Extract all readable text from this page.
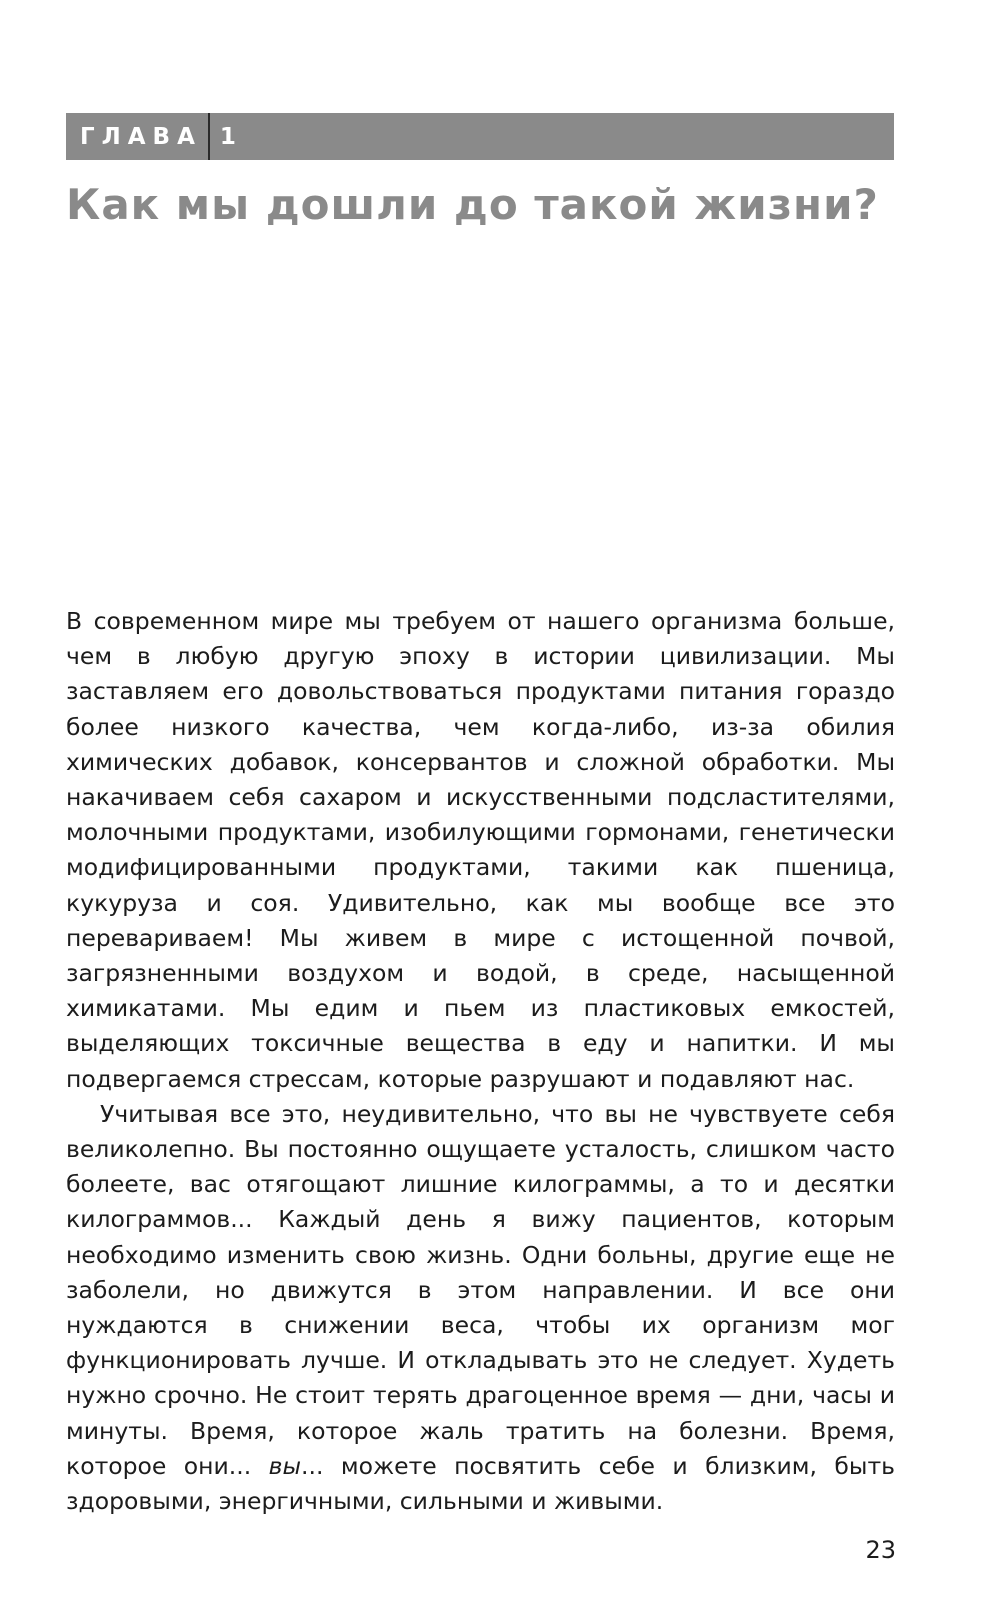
ГЛАВА 1
Как мы дошли до такой жизни?

В современном мире мы требуем от нашего организма больше, чем в любую другую эпоху в истории цивилизации. Мы заставляем его довольствоваться продуктами питания гораздо более низкого качества, чем когда-либо, из-за обилия химических добавок, консервантов и сложной обработки. Мы накачиваем себя сахаром и искусственными подсластителями, молочными продуктами, изобилующими гормонами, генетически модифицированными продуктами, такими как пшеница, кукуруза и соя. Удивительно, как мы вообще все это перевариваем! Мы живем в мире с истощенной почвой, загрязненными воздухом и водой, в среде, насыщенной химикатами. Мы едим и пьем из пластиковых емкостей, выделяющих токсичные вещества в еду и напитки. И мы подвергаемся стрессам, которые разрушают и подавляют нас.

Учитывая все это, неудивительно, что вы не чувствуете себя великолепно. Вы постоянно ощущаете усталость, слишком часто болеете, вас отягощают лишние килограммы, а то и десятки килограммов... Каждый день я вижу пациентов, которым необходимо изменить свою жизнь. Одни больны, другие еще не заболели, но движутся в этом направлении. И все они нуждаются в снижении веса, чтобы их организм мог функционировать лучше. И откладывать это не следует. Худеть нужно срочно. Не стоит терять драгоценное время — дни, часы и минуты. Время, которое жаль тратить на болезни. Время, которое они... вы... можете посвятить себе и близким, быть здоровыми, энергичными, сильными и живыми.

23
